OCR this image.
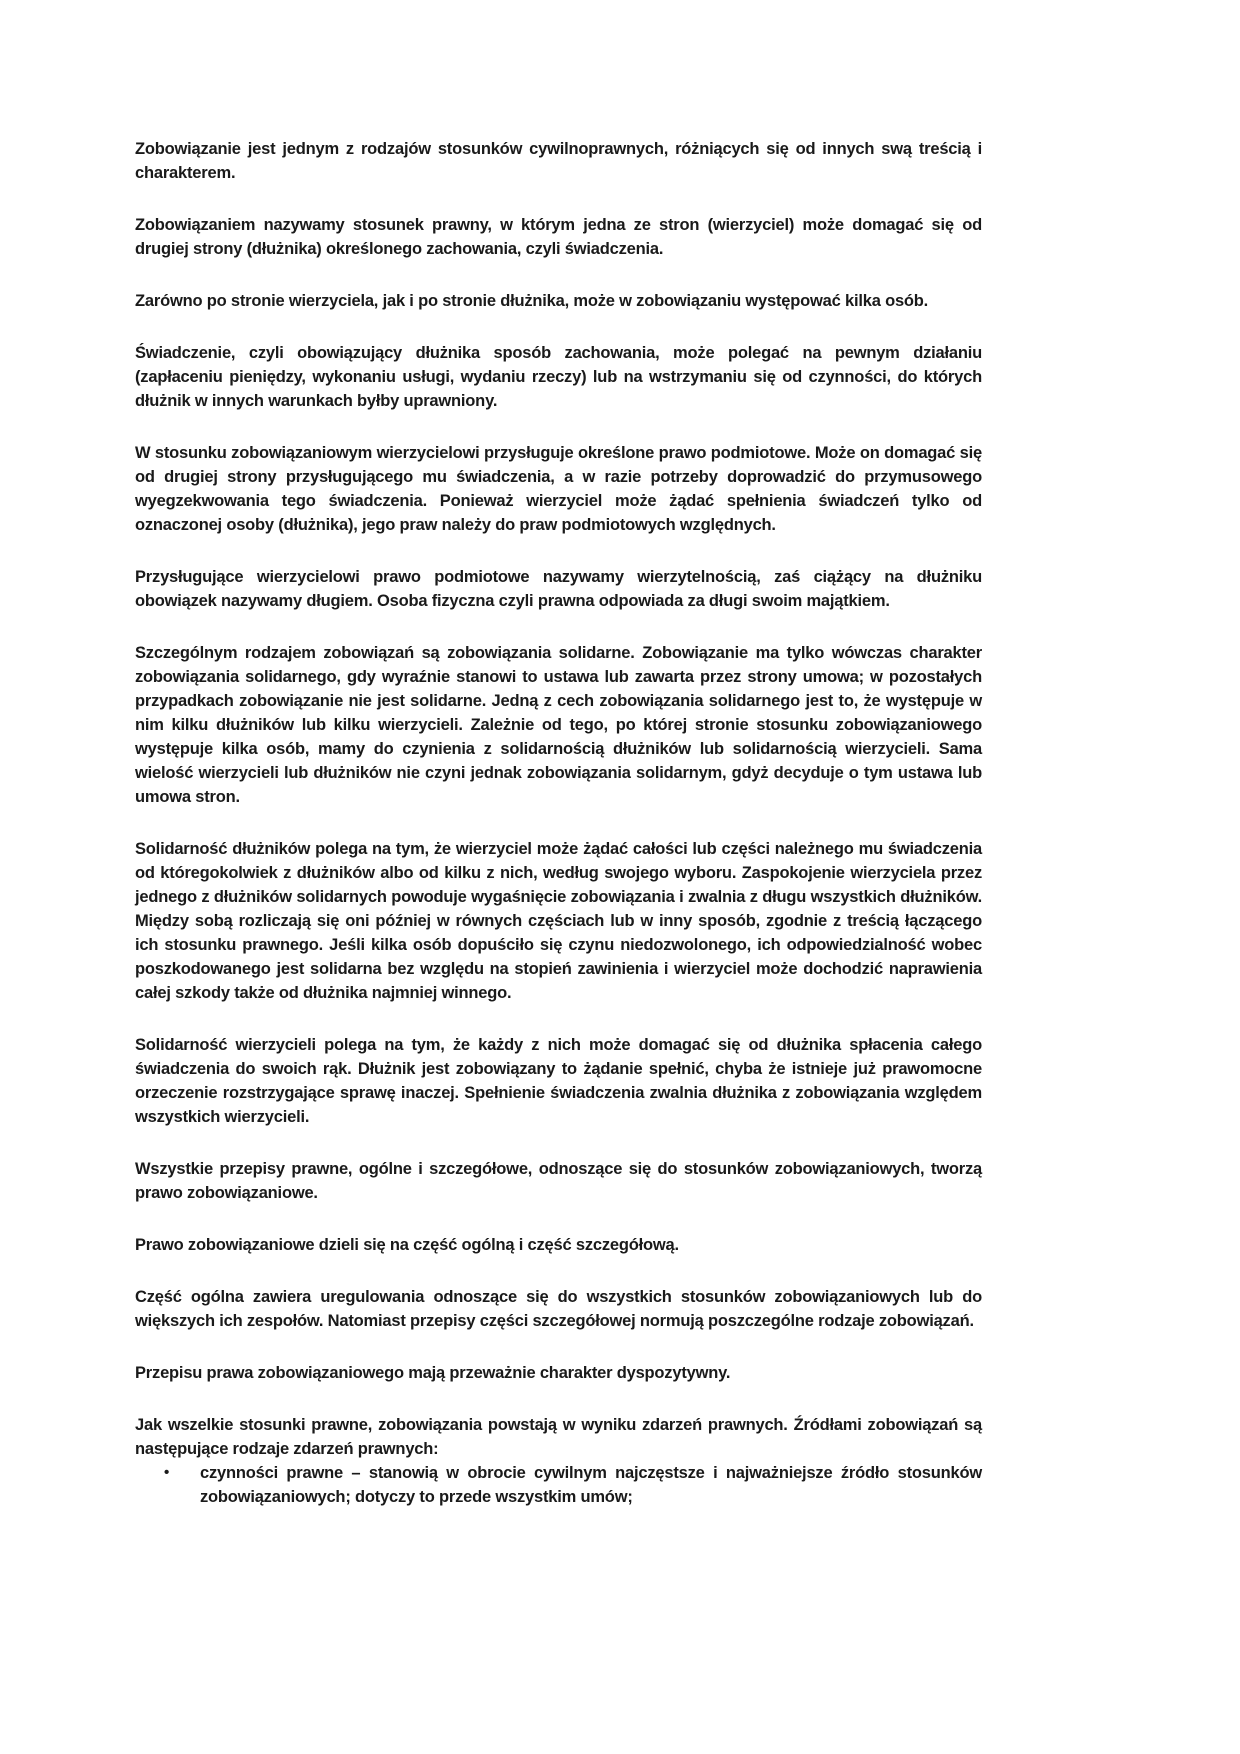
Zobowiązanie jest jednym z rodzajów stosunków cywilnoprawnych, różniących się od innych swą treścią i charakterem.

Zobowiązaniem nazywamy stosunek prawny, w którym jedna ze stron (wierzyciel) może domagać się od drugiej strony (dłużnika) określonego zachowania, czyli świadczenia.

Zarówno po stronie wierzyciela, jak i po stronie dłużnika, może w zobowiązaniu występować kilka osób.

Świadczenie, czyli obowiązujący dłużnika sposób zachowania, może polegać na pewnym działaniu (zapłaceniu pieniędzy, wykonaniu usługi, wydaniu rzeczy) lub na wstrzymaniu się od czynności, do których dłużnik w innych warunkach byłby uprawniony.

W stosunku zobowiązaniowym wierzycielowi przysługuje określone prawo podmiotowe. Może on domagać się od drugiej strony przysługującego mu świadczenia, a w razie potrzeby doprowadzić do przymusowego wyegzekwowania tego świadczenia. Ponieważ wierzyciel może żądać spełnienia świadczeń tylko od oznaczonej osoby (dłużnika), jego praw należy do praw podmiotowych względnych.

Przysługujące wierzycielowi prawo podmiotowe nazywamy wierzytelnością, zaś ciążący na dłużniku obowiązek nazywamy długiem. Osoba fizyczna czyli prawna odpowiada za długi swoim majątkiem.

Szczególnym rodzajem zobowiązań są zobowiązania solidarne. Zobowiązanie ma tylko wówczas charakter zobowiązania solidarnego, gdy wyraźnie stanowi to ustawa lub zawarta przez strony umowa; w pozostałych przypadkach zobowiązanie nie jest solidarne. Jedną z cech zobowiązania solidarnego jest to, że występuje w nim kilku dłużników lub kilku wierzycieli. Zależnie od tego, po której stronie stosunku zobowiązaniowego występuje kilka osób, mamy do czynienia z solidarnością dłużników lub solidarnością wierzycieli. Sama wielość wierzycieli lub dłużników nie czyni jednak zobowiązania solidarnym, gdyż decyduje o tym ustawa lub umowa stron.

Solidarność dłużników polega na tym, że wierzyciel może żądać całości lub części należnego mu świadczenia od któregokolwiek z dłużników albo od kilku z nich, według swojego wyboru. Zaspokojenie wierzyciela przez jednego z dłużników solidarnych powoduje wygaśnięcie zobowiązania i zwalnia z długu wszystkich dłużników. Między sobą rozliczają się oni później w równych częściach lub w inny sposób, zgodnie z treścią łączącego ich stosunku prawnego. Jeśli kilka osób dopuściło się czynu niedozwolonego, ich odpowiedzialność wobec poszkodowanego jest solidarna bez względu na stopień zawinienia i wierzyciel może dochodzić naprawienia całej szkody także od dłużnika najmniej winnego.

Solidarność wierzycieli polega na tym, że każdy z nich może domagać się od dłużnika spłacenia całego świadczenia do swoich rąk. Dłużnik jest zobowiązany to żądanie spełnić, chyba że istnieje już prawomocne orzeczenie rozstrzygające sprawę inaczej. Spełnienie świadczenia zwalnia dłużnika z zobowiązania względem wszystkich wierzycieli.

Wszystkie przepisy prawne, ogólne i szczegółowe, odnoszące się do stosunków zobowiązaniowych, tworzą prawo zobowiązaniowe.

Prawo zobowiązaniowe dzieli się na część ogólną i część szczegółową.

Część ogólna zawiera uregulowania odnoszące się do wszystkich stosunków zobowiązaniowych lub do większych ich zespołów. Natomiast przepisy części szczegółowej normują poszczególne rodzaje zobowiązań.

Przepisu prawa zobowiązaniowego mają przeważnie charakter dyspozytywny.

Jak wszelkie stosunki prawne, zobowiązania powstają w wyniku zdarzeń prawnych. Źródłami zobowiązań są następujące rodzaje zdarzeń prawnych:

• czynności prawne – stanowią w obrocie cywilnym najczęstsze i najważniejsze źródło stosunków zobowiązaniowych; dotyczy to przede wszystkim umów;
